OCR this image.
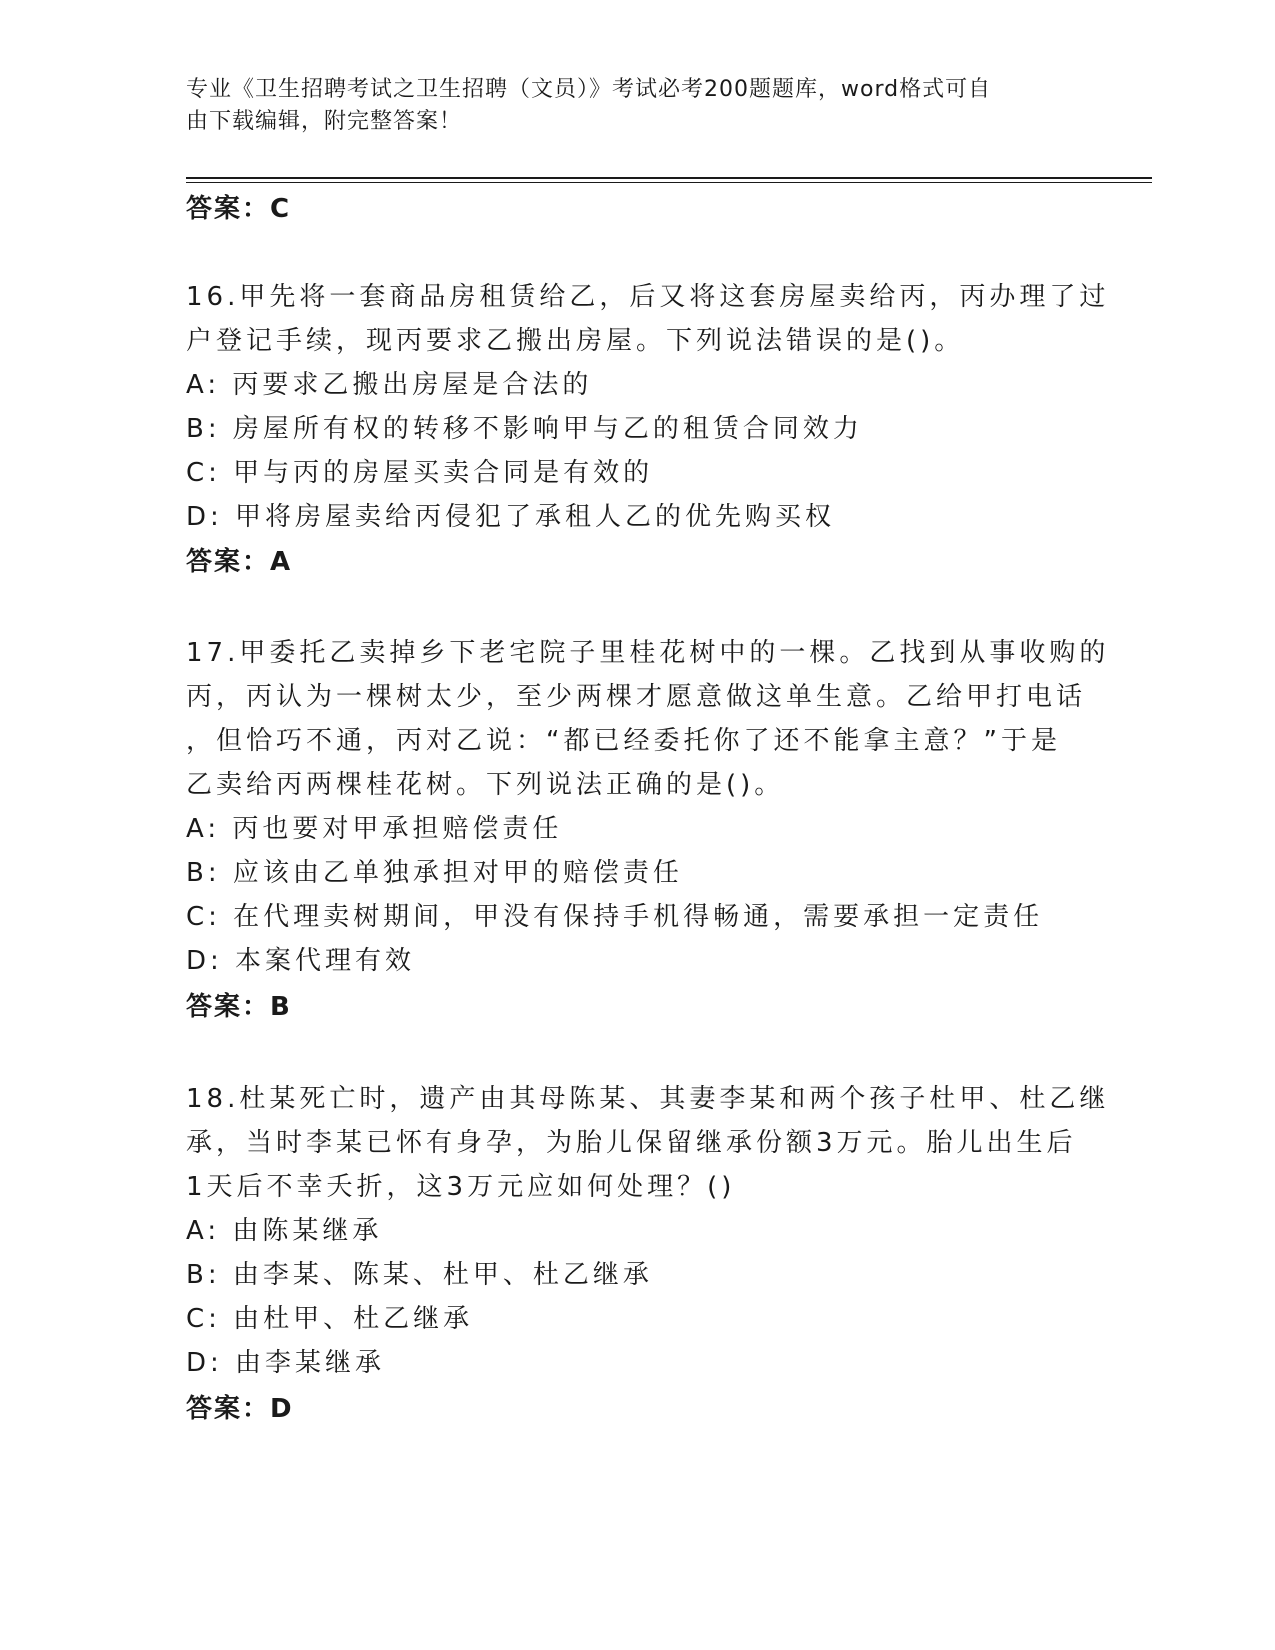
专业《卫生招聘考试之卫生招聘（文员）》考试必考200题题库，word格式可自
由下载编辑，附完整答案！
答案：C
16.甲先将一套商品房租赁给乙，后又将这套房屋卖给丙，丙办理了过
户登记手续，现丙要求乙搬出房屋。下列说法错误的是()。
A: 丙要求乙搬出房屋是合法的
B: 房屋所有权的转移不影响甲与乙的租赁合同效力
C: 甲与丙的房屋买卖合同是有效的
D: 甲将房屋卖给丙侵犯了承租人乙的优先购买权
答案：A
17.甲委托乙卖掉乡下老宅院子里桂花树中的一棵。乙找到从事收购的
丙，丙认为一棵树太少，至少两棵才愿意做这单生意。乙给甲打电话
，但恰巧不通，丙对乙说：“都已经委托你了还不能拿主意？”于是
乙卖给丙两棵桂花树。下列说法正确的是()。
A: 丙也要对甲承担赔偿责任
B: 应该由乙单独承担对甲的赔偿责任
C: 在代理卖树期间，甲没有保持手机得畅通，需要承担一定责任
D: 本案代理有效
答案：B
18.杜某死亡时，遗产由其母陈某、其妻李某和两个孩子杜甲、杜乙继
承，当时李某已怀有身孕，为胎儿保留继承份额3万元。胎儿出生后
1天后不幸夭折，这3万元应如何处理？()
A: 由陈某继承
B: 由李某、陈某、杜甲、杜乙继承
C: 由杜甲、杜乙继承
D: 由李某继承
答案：D
